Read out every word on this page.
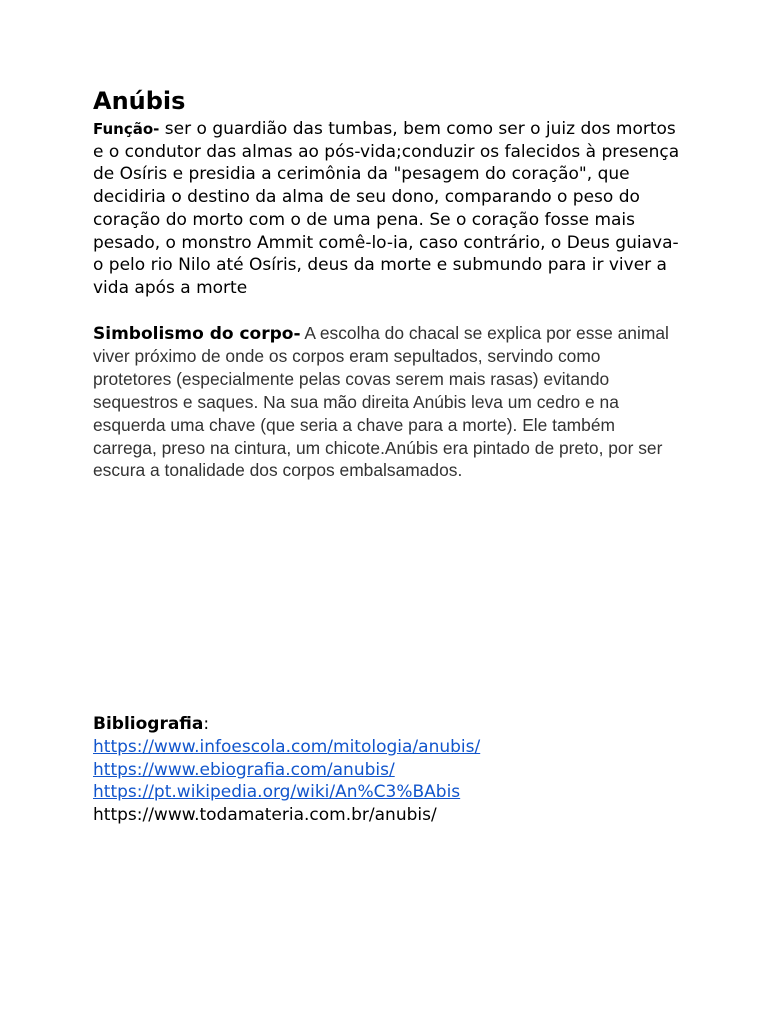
Anúbis

Função- ser o guardião das tumbas, bem como ser o juiz dos mortos e o condutor das almas ao pós-vida;conduzir os falecidos à presença de Osíris e presidia a cerimônia da "pesagem do coração", que decidiria o destino da alma de seu dono, comparando o peso do coração do morto com o de uma pena. Se o coração fosse mais pesado, o monstro Ammit comê-lo-ia, caso contrário, o Deus guiava-o pelo rio Nilo até Osíris, deus da morte e submundo para ir viver a vida após a morte

Simbolismo do corpo- A escolha do chacal se explica por esse animal viver próximo de onde os corpos eram sepultados, servindo como protetores (especialmente pelas covas serem mais rasas) evitando sequestros e saques. Na sua mão direita Anúbis leva um cedro e na esquerda uma chave (que seria a chave para a morte). Ele também carrega, preso na cintura, um chicote.Anúbis era pintado de preto, por ser escura a tonalidade dos corpos embalsamados.

Bibliografia:
https://www.infoescola.com/mitologia/anubis/
https://www.ebiografia.com/anubis/
https://pt.wikipedia.org/wiki/An%C3%BAbis
https://www.todamateria.com.br/anubis/
